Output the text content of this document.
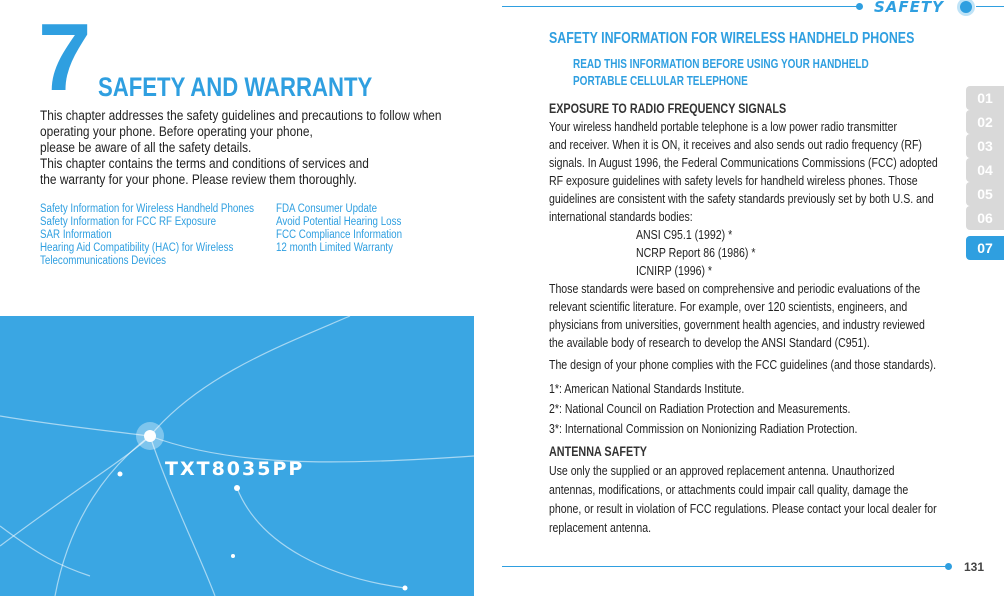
7 SAFETY AND WARRANTY
This chapter addresses the safety guidelines and precautions to follow when
operating your phone. Before operating your phone,
please be aware of all the safety details.
This chapter contains the terms and conditions of services and
the warranty for your phone. Please review them thoroughly.
Safety Information for Wireless Handheld Phones
Safety Information for FCC RF Exposure
SAR Information
Hearing Aid Compatibility (HAC) for Wireless
Telecommunications Devices
FDA Consumer Update
Avoid Potential Hearing Loss
FCC Compliance Information
12 month Limited Warranty
TXT8035PP
SAFETY
01
02
03
04
05
06
07
SAFETY INFORMATION FOR WIRELESS HANDHELD PHONES
READ THIS INFORMATION BEFORE USING YOUR HANDHELD
PORTABLE CELLULAR TELEPHONE
EXPOSURE TO RADIO FREQUENCY SIGNALS
Your wireless handheld portable telephone is a low power radio transmitter
and receiver. When it is ON, it receives and also sends out radio frequency (RF)
signals. In August 1996, the Federal Communications Commissions (FCC) adopted
RF exposure guidelines with safety levels for handheld wireless phones. Those
guidelines are consistent with the safety standards previously set by both U.S. and
international standards bodies:
ANSI C95.1 (1992) *
NCRP Report 86 (1986) *
ICNIRP (1996) *
Those standards were based on comprehensive and periodic evaluations of the
relevant scientific literature. For example, over 120 scientists, engineers, and
physicians from universities, government health agencies, and industry reviewed
the available body of research to develop the ANSI Standard (C951).
The design of your phone complies with the FCC guidelines (and those standards).
1*: American National Standards Institute.
2*: National Council on Radiation Protection and Measurements.
3*: International Commission on Nonionizing Radiation Protection.
ANTENNA SAFETY
Use only the supplied or an approved replacement antenna. Unauthorized
antennas, modifications, or attachments could impair call quality, damage the
phone, or result in violation of FCC regulations. Please contact your local dealer for
replacement antenna.
131
